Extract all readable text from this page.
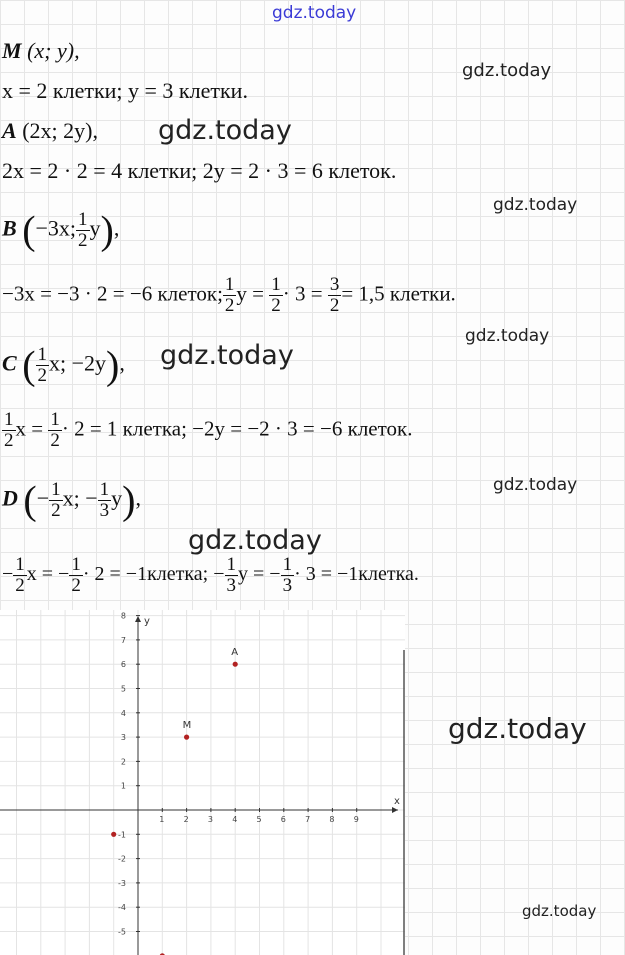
gdz.today
gdz.today
gdz.today
gdz.today
gdz.today
gdz.today
gdz.today
gdz.today
gdz.today
gdz.today
M (x; y),
x = 2 клетки; y = 3 клетки.
A (2x; 2y),
2x = 2 · 2 = 4 клетки; 2y = 2 · 3 = 6 клеток.
B (−3x; $\frac{1}{2} y$),
−3x = −3 · 2 = −6 клеток; $\frac{1}{2}$ $y = \frac{1}{2} \cdot 3 = \frac{3}{2} = 1,5$ клетки.
C ( $\frac{1}{2} x$; −2y),
$\frac{1}{2}$ $x = \frac{1}{2} \cdot 2 = 1$ клетка; −2y = −2 · 3 = −6 клеток.
D (− $\frac{1}{2} x$; − $\frac{1}{3} y$),
− $\frac{1}{2}$ x = − $\frac{1}{2} \cdot 2$ = −1клетка; − $\frac{1}{3}$ y = − $\frac{1}{3} \cdot 3$ = −1клетка.
x
y
1 2 3 4 5 6 7 8 9
8
7
6
5
4
3
2
1
-1
-2
-3
-4
-5
M
A
